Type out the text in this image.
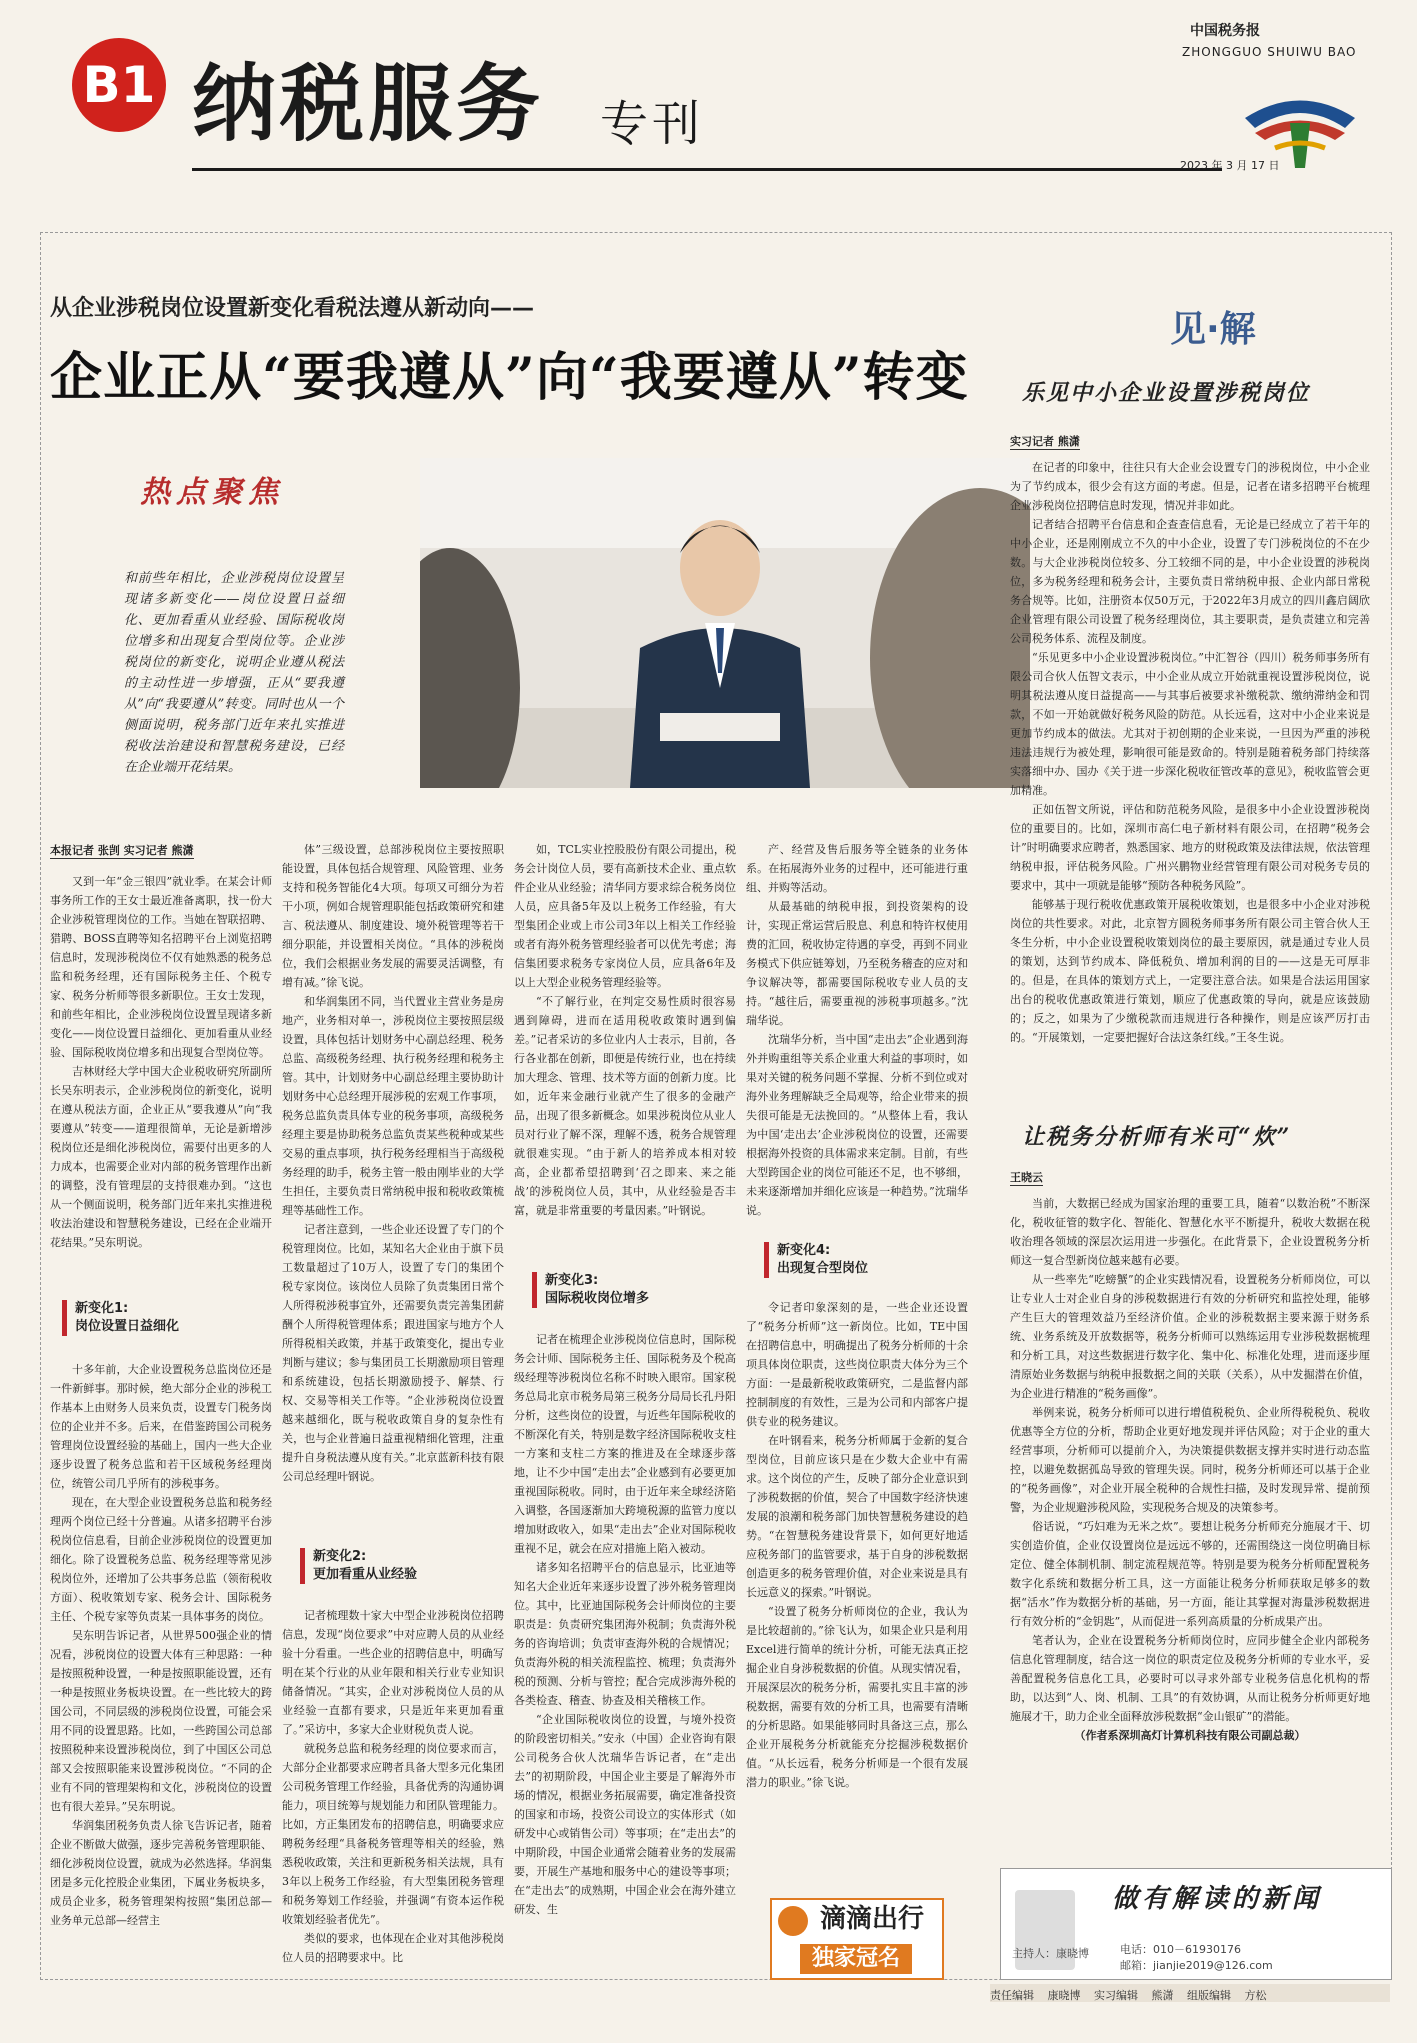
B1 纳税服务 专刊
中国税务报
ZHONGGUO SHUIWU BAO
2023 年 3 月 17 日
从企业涉税岗位设置新变化看税法遵从新动向——
企业正从“要我遵从”向“我要遵从”转变
热点聚焦
和前些年相比，企业涉税岗位设置呈现诸多新变化——岗位设置日益细化、更加看重从业经验、国际税收岗位增多和出现复合型岗位等。企业涉税岗位的新变化，说明企业遵从税法的主动性进一步增强，正从“要我遵从”向“我要遵从”转变。同时也从一个侧面说明，税务部门近年来扎实推进税收法治建设和智慧税务建设，已经在企业端开花结果。
本报记者 张剀 实习记者 熊潇

又到一年“金三银四”就业季。在某会计师事务所工作的王女士最近准备离职，找一份大企业涉税管理岗位的工作。当她在智联招聘、猎聘、BOSS直聘等知名招聘平台上浏览招聘信息时，发现涉税岗位不仅有她熟悉的税务总监和税务经理，还有国际税务主任、个税专家、税务分析师等很多新职位。王女士发现，和前些年相比，企业涉税岗位设置呈现诸多新变化——岗位设置日益细化、更加看重从业经验、国际税收岗位增多和出现复合型岗位等。

吉林财经大学中国大企业税收研究所副所长吴东明表示，企业涉税岗位的新变化，说明在遵从税法方面，企业正从“要我遵从”向“我要遵从”转变——道理很简单，无论是新增涉税岗位还是细化涉税岗位，需要付出更多的人力成本，也需要企业对内部的税务管理作出新的调整，没有管理层的支持很难办到。“这也从一个侧面说明，税务部门近年来扎实推进税收法治建设和智慧税务建设，已经在企业端开花结果。”吴东明说。

新变化1:
岗位设置日益细化

十多年前，大企业设置税务总监岗位还是一件新鲜事。那时候，绝大部分企业的涉税工作基本上由财务人员来负责，设置专门税务岗位的企业并不多。后来，在借鉴跨国公司税务管理岗位设置经验的基础上，国内一些大企业逐步设置了税务总监和若干区域税务经理岗位，统管公司几乎所有的涉税事务。

现在，在大型企业设置税务总监和税务经理两个岗位已经十分普遍。从诸多招聘平台涉税岗位信息看，目前企业涉税岗位的设置更加细化。除了设置税务总监、税务经理等常见涉税岗位外，还增加了公共事务总监（领衔税收方面）、税收策划专家、税务会计、国际税务主任、个税专家等负责某一具体事务的岗位。

吴东明告诉记者，从世界500强企业的情况看，涉税岗位的设置大体有三种思路：一种是按照税种设置，一种是按照职能设置，还有一种是按照业务板块设置。在一些比较大的跨国公司，不同层级的涉税岗位设置，可能会采用不同的设置思路。比如，一些跨国公司总部按照税种来设置涉税岗位，到了中国区公司总部又会按照职能来设置涉税岗位。“不同的企业有不同的管理架构和文化，涉税岗位的设置也有很大差异。”吴东明说。

华润集团税务负责人徐飞告诉记者，随着企业不断做大做强，逐步完善税务管理职能、细化涉税岗位设置，就成为必然选择。华润集团是多元化控股企业集团，下属业务板块多，成员企业多，税务管理架构按照“集团总部—业务单元总部—经营主

体”三级设置，总部涉税岗位主要按照职能设置，具体包括合规管理、风险管理、业务支持和税务智能化4大项。每项又可细分为若干小项，例如合规管理职能包括政策研究和建言、税法遵从、制度建设、境外税管理等若干细分职能，并设置相关岗位。“具体的涉税岗位，我们会根据业务发展的需要灵活调整，有增有减。”徐飞说。

和华润集团不同，当代置业主营业务是房地产，业务相对单一，涉税岗位主要按照层级设置，具体包括计划财务中心副总经理、税务总监、高级税务经理、执行税务经理和税务主管。其中，计划财务中心副总经理主要协助计划财务中心总经理开展涉税的宏观工作事项，税务总监负责具体专业的税务事项，高级税务经理主要是协助税务总监负责某些税种或某些交易的重点事项，执行税务经理相当于高级税务经理的助手，税务主管一般由刚毕业的大学生担任，主要负责日常纳税申报和税收政策梳理等基础性工作。

记者注意到，一些企业还设置了专门的个税管理岗位。比如，某知名大企业由于旗下员工数量超过了10万人，设置了专门的集团个税专家岗位。该岗位人员除了负责集团日常个人所得税涉税事宜外，还需要负责完善集团薪酬个人所得税管理体系；跟进国家与地方个人所得税相关政策，并基于政策变化，提出专业判断与建议；参与集团员工长期激励项目管理和系统建设，包括长期激励授予、解禁、行权、交易等相关工作等。“企业涉税岗位设置越来越细化，既与税收政策自身的复杂性有关，也与企业普遍日益重视精细化管理，注重提升自身税法遵从度有关。”北京蓝新科技有限公司总经理叶钢说。

新变化2:
更加看重从业经验

记者梳理数十家大中型企业涉税岗位招聘信息，发现“岗位要求”中对应聘人员的从业经验十分看重。一些企业的招聘信息中，明确写明在某个行业的从业年限和相关行业专业知识储备情况。“其实，企业对涉税岗位人员的从业经验一直都有要求，只是近年来更加看重了。”采访中，多家大企业财税负责人说。

就税务总监和税务经理的岗位要求而言，大部分企业都要求应聘者具备大型多元化集团公司税务管理工作经验，具备优秀的沟通协调能力，项目统筹与规划能力和团队管理能力。比如，方正集团发布的招聘信息，明确要求应聘税务经理“具备税务管理等相关的经验，熟悉税收政策，关注和更新税务相关法规，具有3年以上税务工作经验，有大型集团税务管理和税务筹划工作经验，并强调“有资本运作税收策划经验者优先”。

类似的要求，也体现在企业对其他涉税岗位人员的招聘要求中。比

如，TCL实业控股股份有限公司提出，税务会计岗位人员，要有高新技术企业、重点软件企业从业经验；清华同方要求综合税务岗位人员，应具备5年及以上税务工作经验，有大型集团企业或上市公司3年以上相关工作经验或者有海外税务管理经验者可以优先考虑；海信集团要求税务专家岗位人员，应具备6年及以上大型企业税务管理经验等。

“不了解行业，在判定交易性质时很容易遇到障碍，进而在适用税收政策时遇到偏差。”记者采访的多位业内人士表示，目前，各行各业都在创新，即便是传统行业，也在持续加大理念、管理、技术等方面的创新力度。比如，近年来金融行业就产生了很多的金融产品，出现了很多新概念。如果涉税岗位从业人员对行业了解不深，理解不透，税务合规管理就很难实现。“由于新人的培养成本相对较高，企业都希望招聘到‘召之即来、来之能战’的涉税岗位人员，其中，从业经验是否丰富，就是非常重要的考量因素。”叶钢说。

新变化3:
国际税收岗位增多

记者在梳理企业涉税岗位信息时，国际税务会计师、国际税务主任、国际税务及个税高级经理等涉税岗位名称不时映入眼帘。国家税务总局北京市税务局第三税务分局局长孔丹阳分析，这些岗位的设置，与近些年国际税收的不断深化有关，特别是数字经济国际税收支柱一方案和支柱二方案的推进及在全球逐步落地，让不少中国“走出去”企业感到有必要更加重视国际税收。同时，由于近年来全球经济陷入调整，各国逐渐加大跨境税源的监管力度以增加财政收入，如果“走出去”企业对国际税收重视不足，就会在应对措施上陷入被动。

诸多知名招聘平台的信息显示，比亚迪等知名大企业近年来逐步设置了涉外税务管理岗位。其中，比亚迪国际税务会计师岗位的主要职责是：负责研究集团海外税制；负责海外税务的咨询培训；负责审查海外税的合规情况；负责海外税的相关流程监控、梳理；负责海外税的预测、分析与管控；配合完成涉海外税的各类检查、稽查、协查及相关稽核工作。

“企业国际税收岗位的设置，与境外投资的阶段密切相关。”安永（中国）企业咨询有限公司税务合伙人沈瑞华告诉记者，在“走出去”的初期阶段，中国企业主要是了解海外市场的情况，根据业务拓展需要，确定准备投资的国家和市场，投资公司设立的实体形式（如研发中心或销售公司）等事项；在“走出去”的中期阶段，中国企业通常会随着业务的发展需要，开展生产基地和服务中心的建设等事项；在“走出去”的成熟期，中国企业会在海外建立研发、生

产、经营及售后服务等全链条的业务体系。在拓展海外业务的过程中，还可能进行重组、并购等活动。

从最基础的纳税申报，到投资架构的设计，实现正常运营后股息、利息和特许权使用费的汇回，税收协定待遇的享受，再到不同业务模式下供应链筹划，乃至税务稽查的应对和争议解决等，都需要国际税收专业人员的支持。“越往后，需要重视的涉税事项越多。”沈瑞华说。

沈瑞华分析，当中国“走出去”企业遇到海外并购重组等关系企业重大利益的事项时，如果对关键的税务问题不掌握、分析不到位或对海外业务理解缺乏全局观等，给企业带来的损失很可能是无法挽回的。“从整体上看，我认为中国‘走出去’企业涉税岗位的设置，还需要根据海外投资的具体需求来定制。目前，有些大型跨国企业的岗位可能还不足，也不够细，未来逐渐增加并细化应该是一种趋势。”沈瑞华说。

新变化4:
出现复合型岗位

令记者印象深刻的是，一些企业还设置了“税务分析师”这一新岗位。比如，TE中国在招聘信息中，明确提出了税务分析师的十余项具体岗位职责，这些岗位职责大体分为三个方面：一是最新税收政策研究，二是监督内部控制制度的有效性，三是为公司和内部客户提供专业的税务建议。

在叶钢看来，税务分析师属于金新的复合型岗位，目前应该只是在少数大企业中有需求。这个岗位的产生，反映了部分企业意识到了涉税数据的价值，契合了中国数字经济快速发展的浪潮和税务部门加快智慧税务建设的趋势。“在智慧税务建设背景下，如何更好地适应税务部门的监管要求，基于自身的涉税数据创造更多的税务管理价值，对企业来说是具有长远意义的探索。”叶钢说。

“设置了税务分析师岗位的企业，我认为是比较超前的。”徐飞认为，如果企业只是利用Excel进行简单的统计分析，可能无法真正挖掘企业自身涉税数据的价值。从现实情况看，开展深层次的税务分析，需要扎实且丰富的涉税数据，需要有效的分析工具，也需要有清晰的分析思路。如果能够同时具备这三点，那么企业开展税务分析就能充分挖掘涉税数据价值。“从长远看，税务分析师是一个很有发展潜力的职业。”徐飞说。

滴滴出行
独家冠名
见·解
乐见中小企业设置涉税岗位
实习记者 熊潇

在记者的印象中，往往只有大企业会设置专门的涉税岗位，中小企业为了节约成本，很少会有这方面的考虑。但是，记者在诸多招聘平台梳理企业涉税岗位招聘信息时发现，情况并非如此。

记者结合招聘平台信息和企查查信息看，无论是已经成立了若干年的中小企业，还是刚刚成立不久的中小企业，设置了专门涉税岗位的不在少数。与大企业涉税岗位较多、分工较细不同的是，中小企业设置的涉税岗位，多为税务经理和税务会计，主要负责日常纳税申报、企业内部日常税务合规等。比如，注册资本仅50万元，于2022年3月成立的四川鑫启阔欣企业管理有限公司设置了税务经理岗位，其主要职责，是负责建立和完善公司税务体系、流程及制度。

“乐见更多中小企业设置涉税岗位。”中汇智谷（四川）税务师事务所有限公司合伙人伍智文表示，中小企业从成立开始就重视设置涉税岗位，说明其税法遵从度日益提高——与其事后被要求补缴税款、缴纳滞纳金和罚款，不如一开始就做好税务风险的防范。从长远看，这对中小企业来说是更加节约成本的做法。尤其对于初创期的企业来说，一旦因为严重的涉税违法违规行为被处理，影响很可能是致命的。特别是随着税务部门持续落实落细中办、国办《关于进一步深化税收征管改革的意见》，税收监管会更加精准。

正如伍智文所说，评估和防范税务风险，是很多中小企业设置涉税岗位的重要目的。比如，深圳市高仁电子新材料有限公司，在招聘“税务会计”时明确要求应聘者，熟悉国家、地方的财税政策及法律法规，依法管理纳税申报，评估税务风险。广州兴鹏物业经营管理有限公司对税务专员的要求中，其中一项就是能够“预防各种税务风险”。

能够基于现行税收优惠政策开展税收策划，也是很多中小企业对涉税岗位的共性要求。对此，北京智方圆税务师事务所有限公司主管合伙人王冬生分析，中小企业设置税收策划岗位的最主要原因，就是通过专业人员的策划，达到节约成本、降低税负、增加利润的目的——这是无可厚非的。但是，在具体的策划方式上，一定要注意合法。如果是合法运用国家出台的税收优惠政策进行策划，顺应了优惠政策的导向，就是应该鼓励的；反之，如果为了少缴税款而违规进行各种操作，则是应该严厉打击的。“开展策划，一定要把握好合法这条红线。”王冬生说。

让税务分析师有米可“炊”
王晓云

当前，大数据已经成为国家治理的重要工具，随着“以数治税”不断深化，税收征管的数字化、智能化、智慧化水平不断提升，税收大数据在税收治理各领域的深层次运用进一步强化。在此背景下，企业设置税务分析师这一复合型新岗位越来越有必要。

从一些率先“吃螃蟹”的企业实践情况看，设置税务分析师岗位，可以让专业人士对企业自身的涉税数据进行有效的分析研究和监控处理，能够产生巨大的管理效益乃至经济价值。企业的涉税数据主要来源于财务系统、业务系统及开放数据等，税务分析师可以熟练运用专业涉税数据梳理和分析工具，对这些数据进行数字化、集中化、标准化处理，进而逐步厘清原始业务数据与纳税申报数据之间的关联（关系），从中发掘潜在价值，为企业进行精准的“税务画像”。

举例来说，税务分析师可以进行增值税税负、企业所得税税负、税收优惠等全方位的分析，帮助企业更好地发现并评估风险；对于企业的重大经营事项，分析师可以提前介入，为决策提供数据支撑并实时进行动态监控，以避免数据孤岛导致的管理失误。同时，税务分析师还可以基于企业的“税务画像”，对企业开展全税种的合规性扫描，及时发现异常、提前预警，为企业规避涉税风险，实现税务合规及的决策参考。

俗话说，“巧妇难为无米之炊”。要想让税务分析师充分施展才干、切实创造价值，企业仅设置岗位是远远不够的，还需围绕这一岗位明确目标定位、健全体制机制、制定流程规范等。特别是要为税务分析师配置税务数字化系统和数据分析工具，这一方面能让税务分析师获取足够多的数据“活水”作为数据分析的基础，另一方面，能让其掌握对海量涉税数据进行有效分析的“金钥匙”，从而促进一系列高质量的分析成果产出。

笔者认为，企业在设置税务分析师岗位时，应同步健全企业内部税务信息化管理制度，结合这一岗位的职责定位及税务分析师的专业水平，妥善配置税务信息化工具，必要时可以寻求外部专业税务信息化机构的帮助，以达到“人、岗、机制、工具”的有效协调，从而让税务分析师更好地施展才干，助力企业全面释放涉税数据“金山银矿”的潜能。

（作者系深圳高灯计算机科技有限公司副总裁）

做有解读的新闻
主持人：康晓博	电话：010－61930176
邮箱：jianjie2019@126.com
责任编辑 康晓博 实习编辑 熊潇 组版编辑 方松
